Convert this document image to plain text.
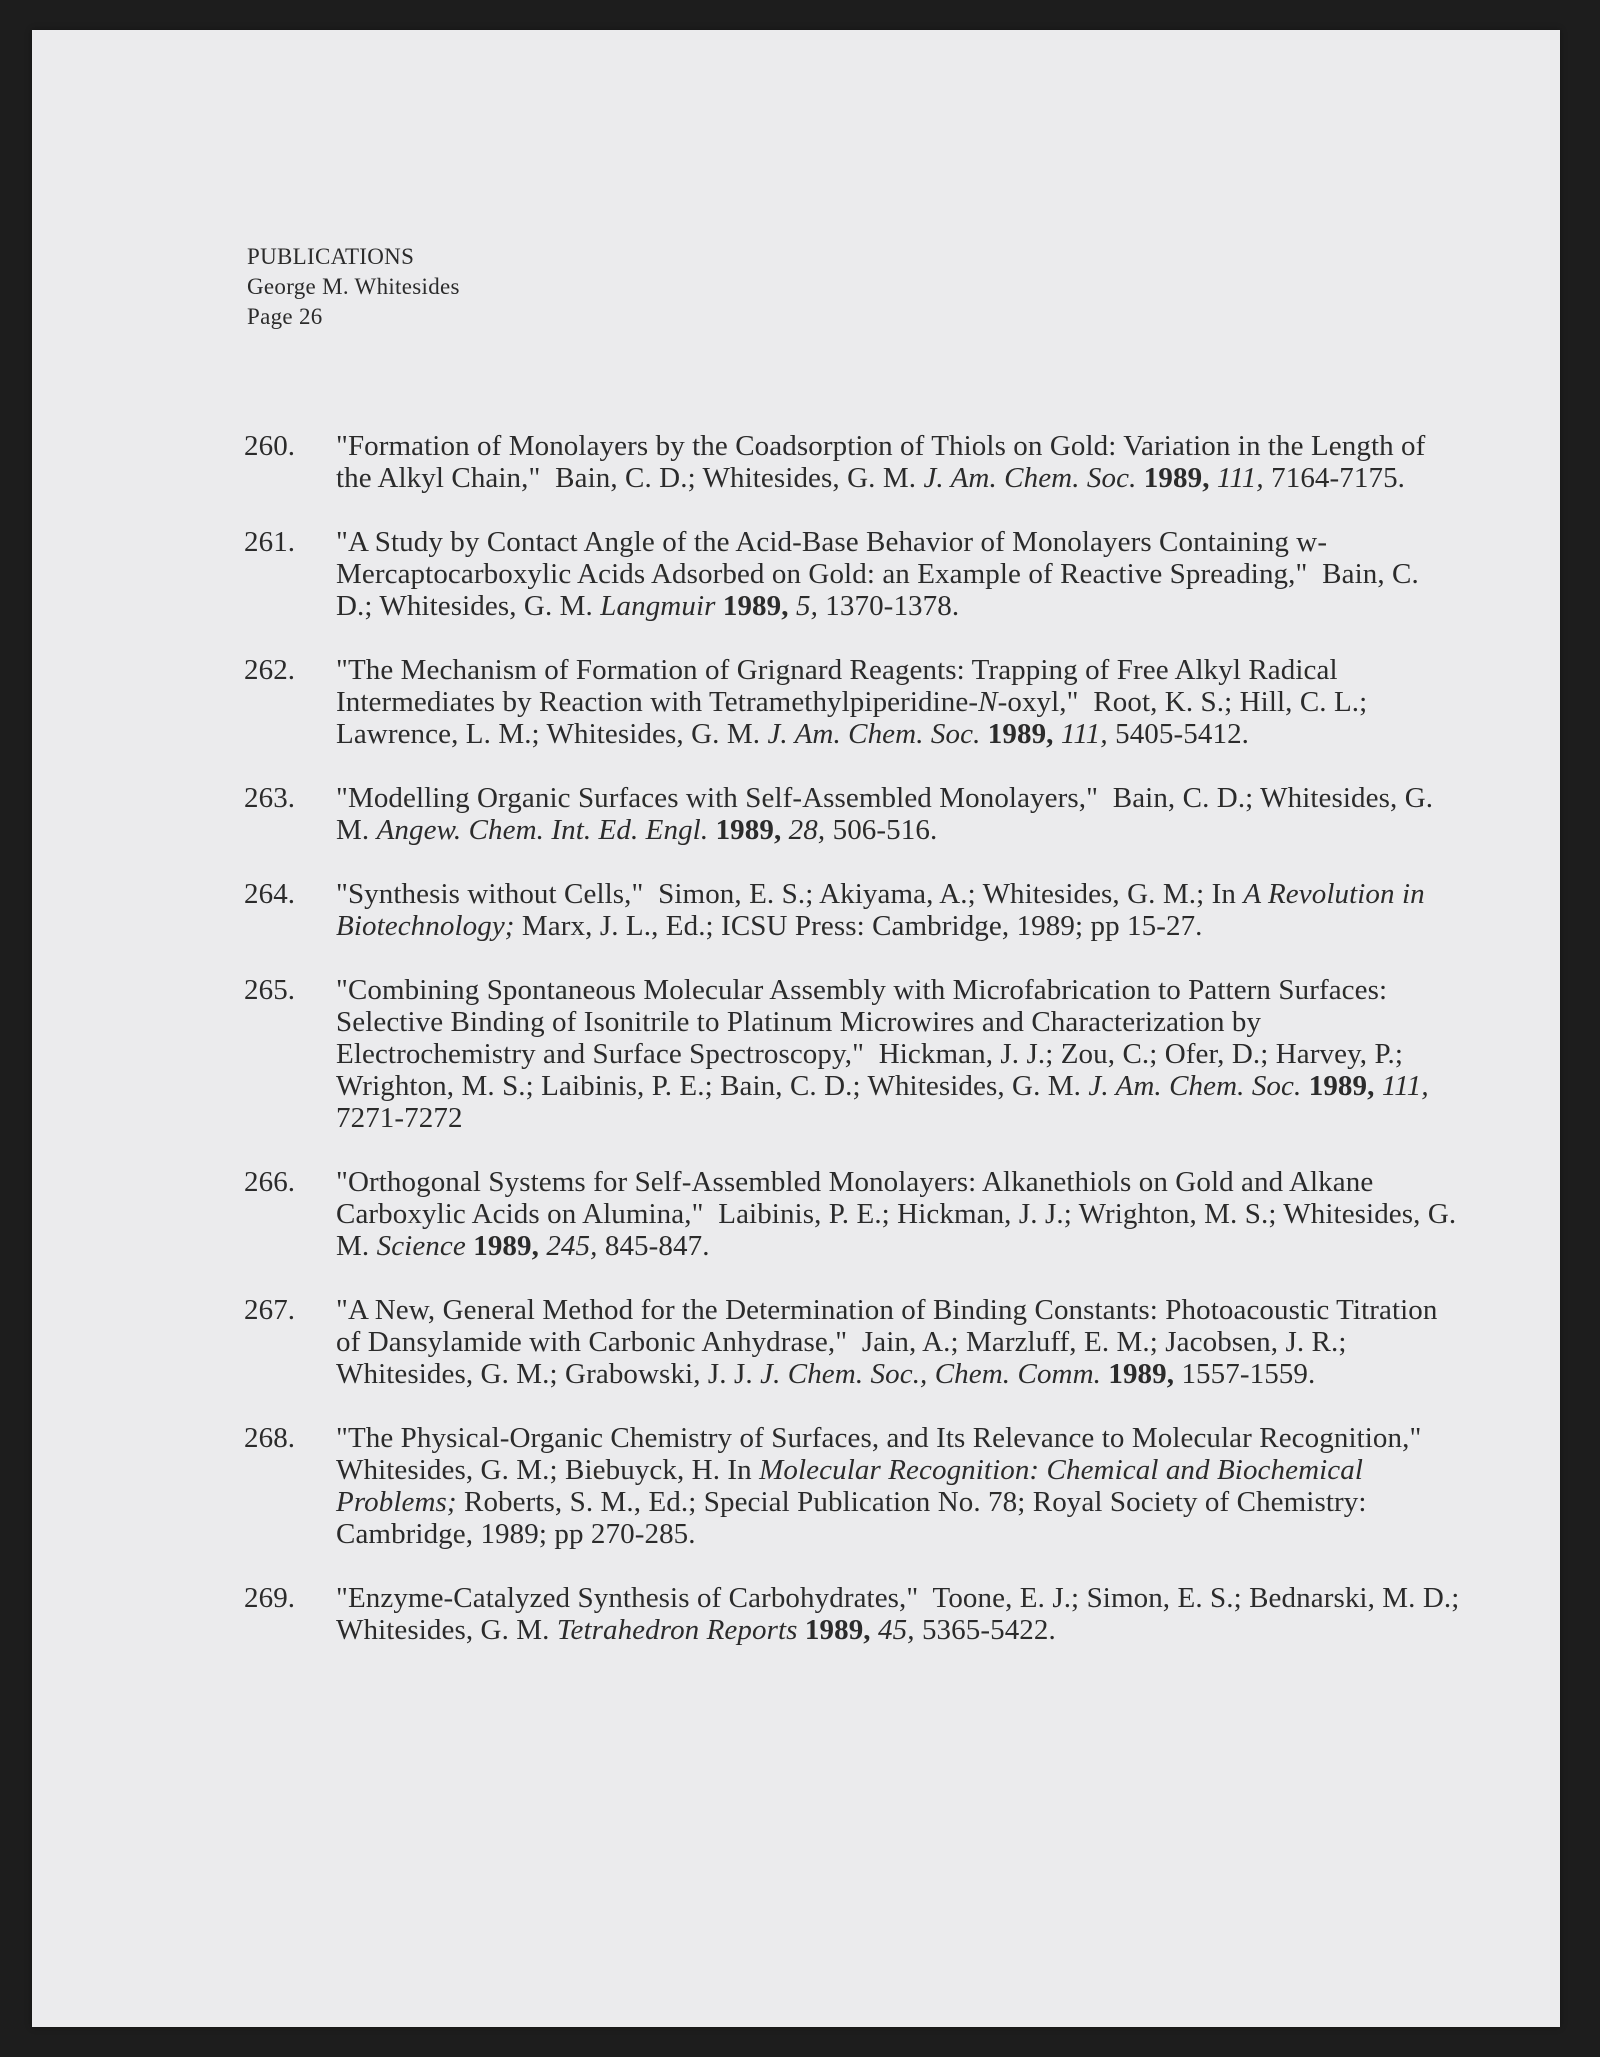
PUBLICATIONS
George M. Whitesides
Page 26
260.	"Formation of Monolayers by the Coadsorption of Thiols on Gold: Variation in the Length of the Alkyl Chain," Bain, C. D.; Whitesides, G. M. J. Am. Chem. Soc. 1989, 111, 7164-7175.
261.	"A Study by Contact Angle of the Acid-Base Behavior of Monolayers Containing w-Mercaptocarboxylic Acids Adsorbed on Gold: an Example of Reactive Spreading," Bain, C. D.; Whitesides, G. M. Langmuir 1989, 5, 1370-1378.
262.	"The Mechanism of Formation of Grignard Reagents: Trapping of Free Alkyl Radical Intermediates by Reaction with Tetramethylpiperidine-N-oxyl," Root, K. S.; Hill, C. L.; Lawrence, L. M.; Whitesides, G. M. J. Am. Chem. Soc. 1989, 111, 5405-5412.
263.	"Modelling Organic Surfaces with Self-Assembled Monolayers," Bain, C. D.; Whitesides, G. M. Angew. Chem. Int. Ed. Engl. 1989, 28, 506-516.
264.	"Synthesis without Cells," Simon, E. S.; Akiyama, A.; Whitesides, G. M.; In A Revolution in Biotechnology; Marx, J. L., Ed.; ICSU Press: Cambridge, 1989; pp 15-27.
265.	"Combining Spontaneous Molecular Assembly with Microfabrication to Pattern Surfaces: Selective Binding of Isonitrile to Platinum Microwires and Characterization by Electrochemistry and Surface Spectroscopy," Hickman, J. J.; Zou, C.; Ofer, D.; Harvey, P.; Wrighton, M. S.; Laibinis, P. E.; Bain, C. D.; Whitesides, G. M. J. Am. Chem. Soc. 1989, 111, 7271-7272
266.	"Orthogonal Systems for Self-Assembled Monolayers: Alkanethiols on Gold and Alkane Carboxylic Acids on Alumina," Laibinis, P. E.; Hickman, J. J.; Wrighton, M. S.; Whitesides, G. M. Science 1989, 245, 845-847.
267.	"A New, General Method for the Determination of Binding Constants: Photoacoustic Titration of Dansylamide with Carbonic Anhydrase," Jain, A.; Marzluff, E. M.; Jacobsen, J. R.; Whitesides, G. M.; Grabowski, J. J. J. Chem. Soc., Chem. Comm. 1989, 1557-1559.
268.	"The Physical-Organic Chemistry of Surfaces, and Its Relevance to Molecular Recognition,"  Whitesides, G. M.; Biebuyck, H. In Molecular Recognition: Chemical and Biochemical Problems; Roberts, S. M., Ed.; Special Publication No. 78; Royal Society of Chemistry: Cambridge, 1989; pp 270-285.
269.	"Enzyme-Catalyzed Synthesis of Carbohydrates," Toone, E. J.; Simon, E. S.; Bednarski, M. D.; Whitesides, G. M. Tetrahedron Reports 1989, 45, 5365-5422.
